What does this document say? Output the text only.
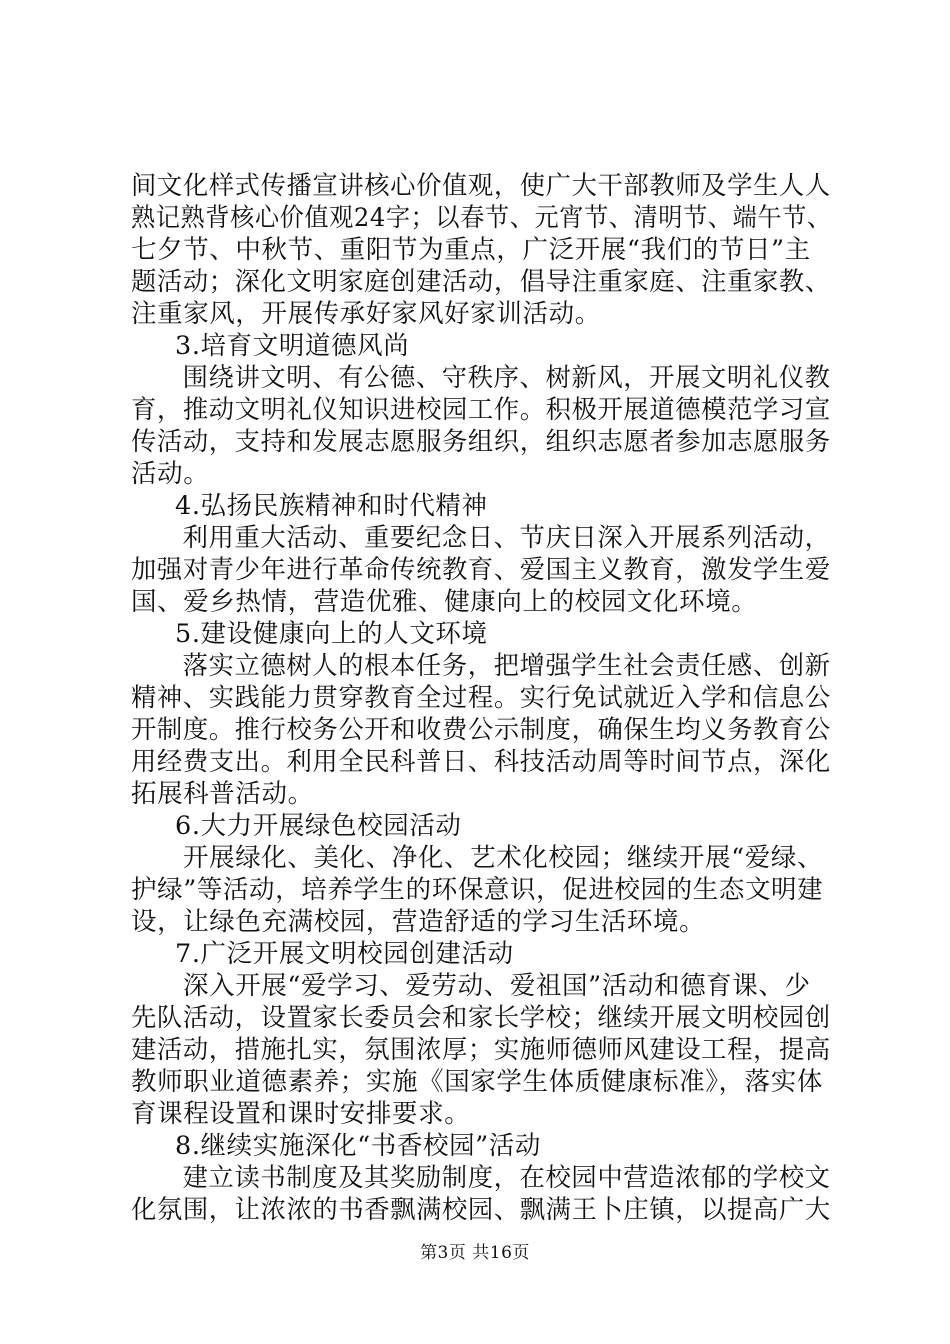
间文化样式传播宣讲核心价值观，使广大干部教师及学生人人
熟记熟背核心价值观24字；以春节、元宵节、清明节、端午节、
七夕节、中秋节、重阳节为重点，广泛开展“我们的节日”主
题活动；深化文明家庭创建活动，倡导注重家庭、注重家教、
注重家风，开展传承好家风好家训活动。
3.培育文明道德风尚
围绕讲文明、有公德、守秩序、树新风，开展文明礼仪教
育，推动文明礼仪知识进校园工作。积极开展道德模范学习宣
传活动，支持和发展志愿服务组织，组织志愿者参加志愿服务
活动。
4.弘扬民族精神和时代精神
利用重大活动、重要纪念日、节庆日深入开展系列活动，
加强对青少年进行革命传统教育、爱国主义教育，激发学生爱
国、爱乡热情，营造优雅、健康向上的校园文化环境。
5.建设健康向上的人文环境
落实立德树人的根本任务，把增强学生社会责任感、创新
精神、实践能力贯穿教育全过程。实行免试就近入学和信息公
开制度。推行校务公开和收费公示制度，确保生均义务教育公
用经费支出。利用全民科普日、科技活动周等时间节点，深化
拓展科普活动。
6.大力开展绿色校园活动
开展绿化、美化、净化、艺术化校园；继续开展“爱绿、
护绿”等活动，培养学生的环保意识，促进校园的生态文明建
设，让绿色充满校园，营造舒适的学习生活环境。
7.广泛开展文明校园创建活动
深入开展“爱学习、爱劳动、爱祖国”活动和德育课、少
先队活动，设置家长委员会和家长学校；继续开展文明校园创
建活动，措施扎实，氛围浓厚；实施师德师风建设工程，提高
教师职业道德素养；实施《国家学生体质健康标准》，落实体
育课程设置和课时安排要求。
8.继续实施深化“书香校园”活动
建立读书制度及其奖励制度，在校园中营造浓郁的学校文
化氛围，让浓浓的书香飘满校园、飘满王卜庄镇，以提高广大
第3页 共16页
